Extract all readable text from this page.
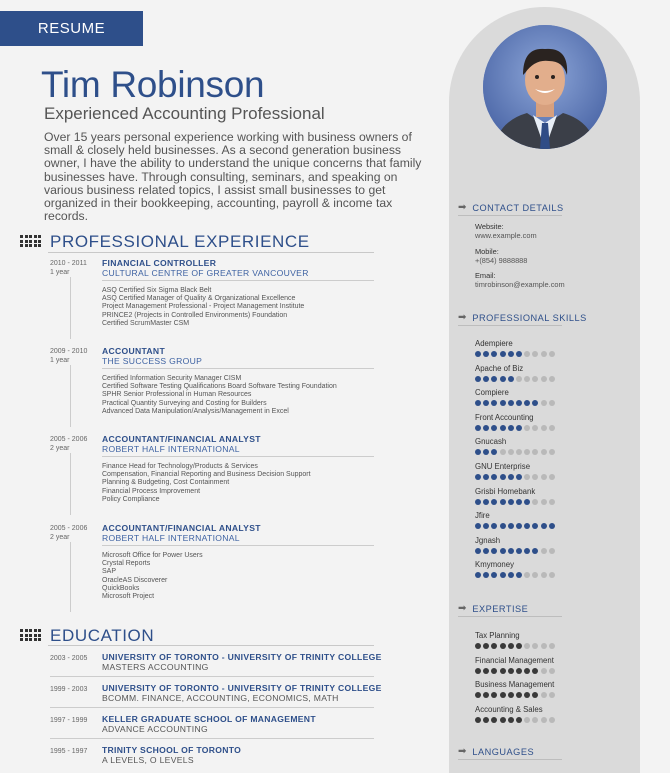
RESUME
Tim Robinson
Experienced Accounting Professional

Over 15 years personal experience working with business owners of small & closely held businesses. As a second generation business owner, I have the ability to understand the unique concerns that family businesses have. Through consulting, seminars, and speaking on various business related topics, I assist small businesses to get organized in their bookkeeping, accounting, payroll & income tax records.

PROFESSIONAL EXPERIENCE
2010 - 2011
1 year
FINANCIAL CONTROLLER
CULTURAL CENTRE OF GREATER VANCOUVER
ASQ Certified Six Sigma Black Belt
ASQ Certified Manager of Quality & Organizational Excellence
Project Management Professional - Project Management Institute
PRINCE2 (Projects in Controlled Environments) Foundation
Certified ScrumMaster CSM
2009 - 2010
1 year
ACCOUNTANT
THE SUCCESS GROUP
Certified Information Security Manager CISM
Certified Software Testing Qualifications Board Software Testing Foundation
SPHR Senior Professional in Human Resources
Practical Quantity Surveying and Costing for Builders
Advanced Data Manipulation/Analysis/Management in Excel
2005 - 2006
2 year
ACCOUNTANT/FINANCIAL ANALYST
ROBERT HALF INTERNATIONAL
Finance Head for Technology/Products & Services
Compensation, Financial Reporting and Business Decision Support
Planning & Budgeting, Cost Containment
Financial Process Improvement
Policy Compliance
2005 - 2006
2 year
ACCOUNTANT/FINANCIAL ANALYST
ROBERT HALF INTERNATIONAL
Microsoft Office for Power Users
Crystal Reports
SAP
OracleAS Discoverer
QuickBooks
Microsoft Project
EDUCATION
2003 - 2005 UNIVERSITY OF TORONTO - UNIVERSITY OF TRINITY COLLEGE
MASTERS ACCOUNTING
1999 - 2003 UNIVERSITY OF TORONTO - UNIVERSITY OF TRINITY COLLEGE
BCOMM. FINANCE, ACCOUNTING, ECONOMICS, MATH
1997 - 1999 KELLER GRADUATE SCHOOL OF MANAGEMENT
ADVANCE ACCOUNTING
1995 - 1997 TRINITY SCHOOL OF TORONTO
A LEVELS, O LEVELS
➡ CONTACT DETAILS
Website:
www.example.com
Mobile:
+(854) 9888888
Email:
timrobinson@example.com
➡ PROFESSIONAL SKILLS
Adempiere
Apache of Biz
Compiere
Front Accounting
Gnucash
GNU Enterprise
Grisbi Homebank
Jfire
Jgnash
Kmymoney
➡ EXPERTISE
Tax Planning
Financial Management
Business Management
Accounting & Sales
➡ LANGUAGES
